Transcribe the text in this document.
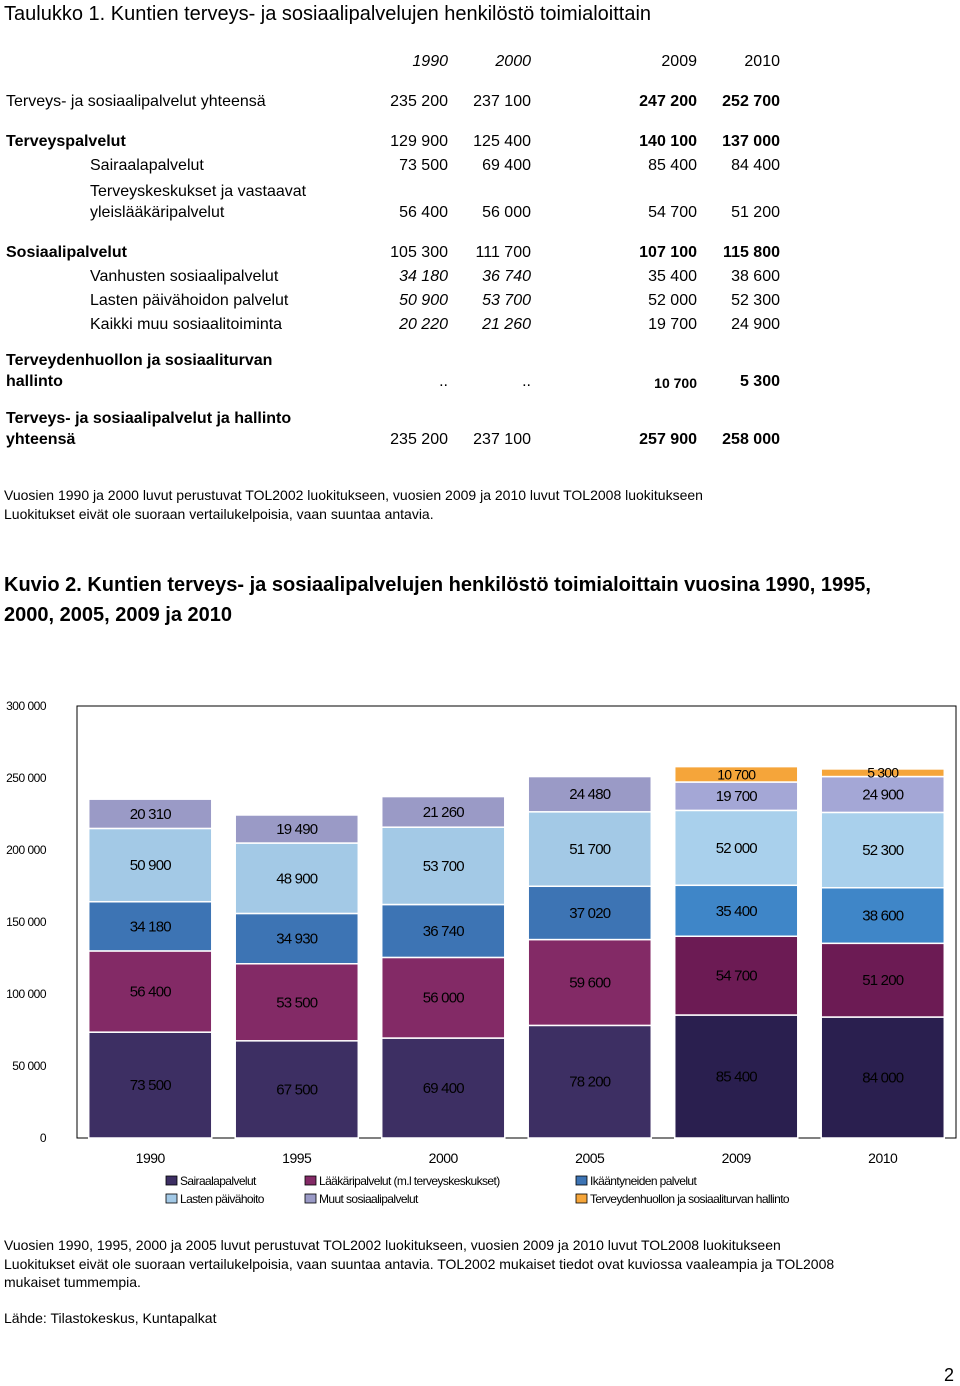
Taulukko 1. Kuntien terveys- ja sosiaalipalvelujen henkilöstö toimialoittain
1990	2000	2009	2010
Terveys- ja sosiaalipalvelut yhteensä	235 200	237 100	247 200	252 700
Terveyspalvelut	129 900	125 400	140 100	137 000
Sairaalapalvelut	73 500	69 400	85 400	84 400
Terveyskeskukset ja vastaavat
yleislääkäripalvelut	56 400	56 000	54 700	51 200
Sosiaalipalvelut	105 300	111 700	107 100	115 800
Vanhusten sosiaalipalvelut	34 180	36 740	35 400	38 600
Lasten päivähoidon palvelut	50 900	53 700	52 000	52 300
Kaikki muu sosiaalitoiminta	20 220	21 260	19 700	24 900
Terveydenhuollon ja sosiaaliturvan
hallinto	..	..	10 700	5 300
Terveys- ja sosiaalipalvelut ja hallinto
yhteensä	235 200	237 100	257 900	258 000
Vuosien 1990 ja 2000 luvut perustuvat TOL2002 luokitukseen, vuosien 2009 ja 2010 luvut TOL2008 luokitukseen
Luokitukset eivät ole suoraan vertailukelpoisia, vaan suuntaa antavia.
Kuvio 2. Kuntien terveys- ja sosiaalipalvelujen henkilöstö toimialoittain vuosina 1990, 1995,
2000, 2005, 2009 ja 2010
0
50 000
100 000
150 000
200 000
250 000
300 000
73 500
56 400
34 180
50 900
20 310
1990
67 500
53 500
34 930
48 900
19 490
1995
69 400
56 000
36 740
53 700
21 260
2000
78 200
59 600
37 020
51 700
24 480
2005
85 400
54 700
35 400
52 000
19 700
10 700
2009
84 000
51 200
38 600
52 300
24 900
5 300
2010
Sairaalapalvelut	Lääkäripalvelut (m.l terveyskeskukset)	Ikääntyneiden palvelut
Lasten päivähoito	Muut sosiaalipalvelut	Terveydenhuollon ja sosiaaliturvan hallinto
Vuosien 1990, 1995, 2000 ja 2005 luvut perustuvat TOL2002 luokitukseen, vuosien 2009 ja 2010 luvut TOL2008 luokitukseen
Luokitukset eivät ole suoraan vertailukelpoisia, vaan suuntaa antavia. TOL2002 mukaiset tiedot ovat kuviossa vaaleampia ja TOL2008
mukaiset tummempia.
Lähde: Tilastokeskus, Kuntapalkat
2
